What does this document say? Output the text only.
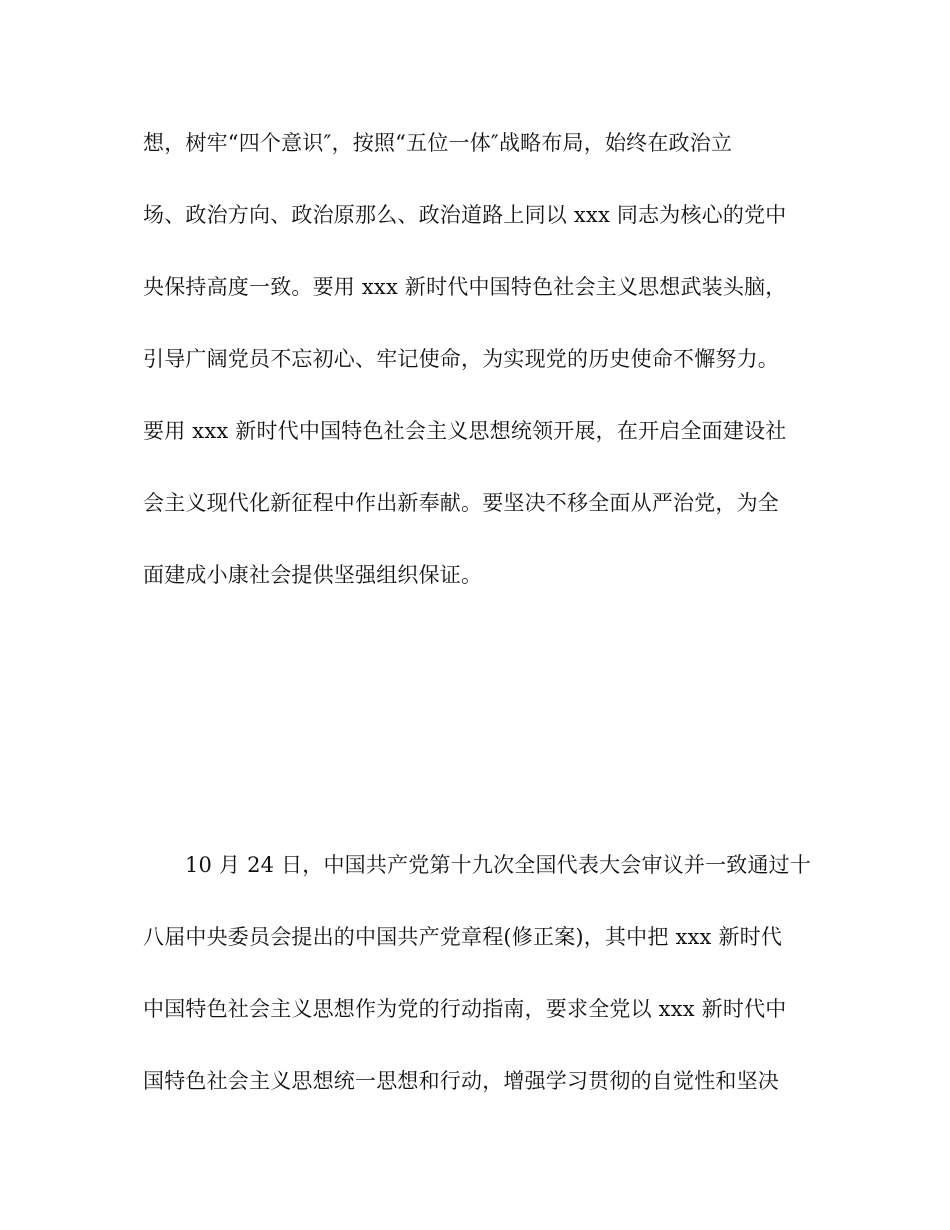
想，树牢“四个意识″，按照“五位一体″战略布局，始终在政治立
场、政治方向、政治原那么、政治道路上同以 xxx 同志为核心的党中
央保持高度一致。要用 xxx 新时代中国特色社会主义思想武装头脑，
引导广阔党员不忘初心、牢记使命，为实现党的历史使命不懈努力。
要用 xxx 新时代中国特色社会主义思想统领开展，在开启全面建设社
会主义现代化新征程中作出新奉献。要坚决不移全面从严治党，为全
面建成小康社会提供坚强组织保证。
10 月 24 日，中国共产党第十九次全国代表大会审议并一致通过十
八届中央委员会提出的中国共产党章程(修正案)，其中把 xxx 新时代
中国特色社会主义思想作为党的行动指南，要求全党以 xxx 新时代中
国特色社会主义思想统一思想和行动，增强学习贯彻的自觉性和坚决
